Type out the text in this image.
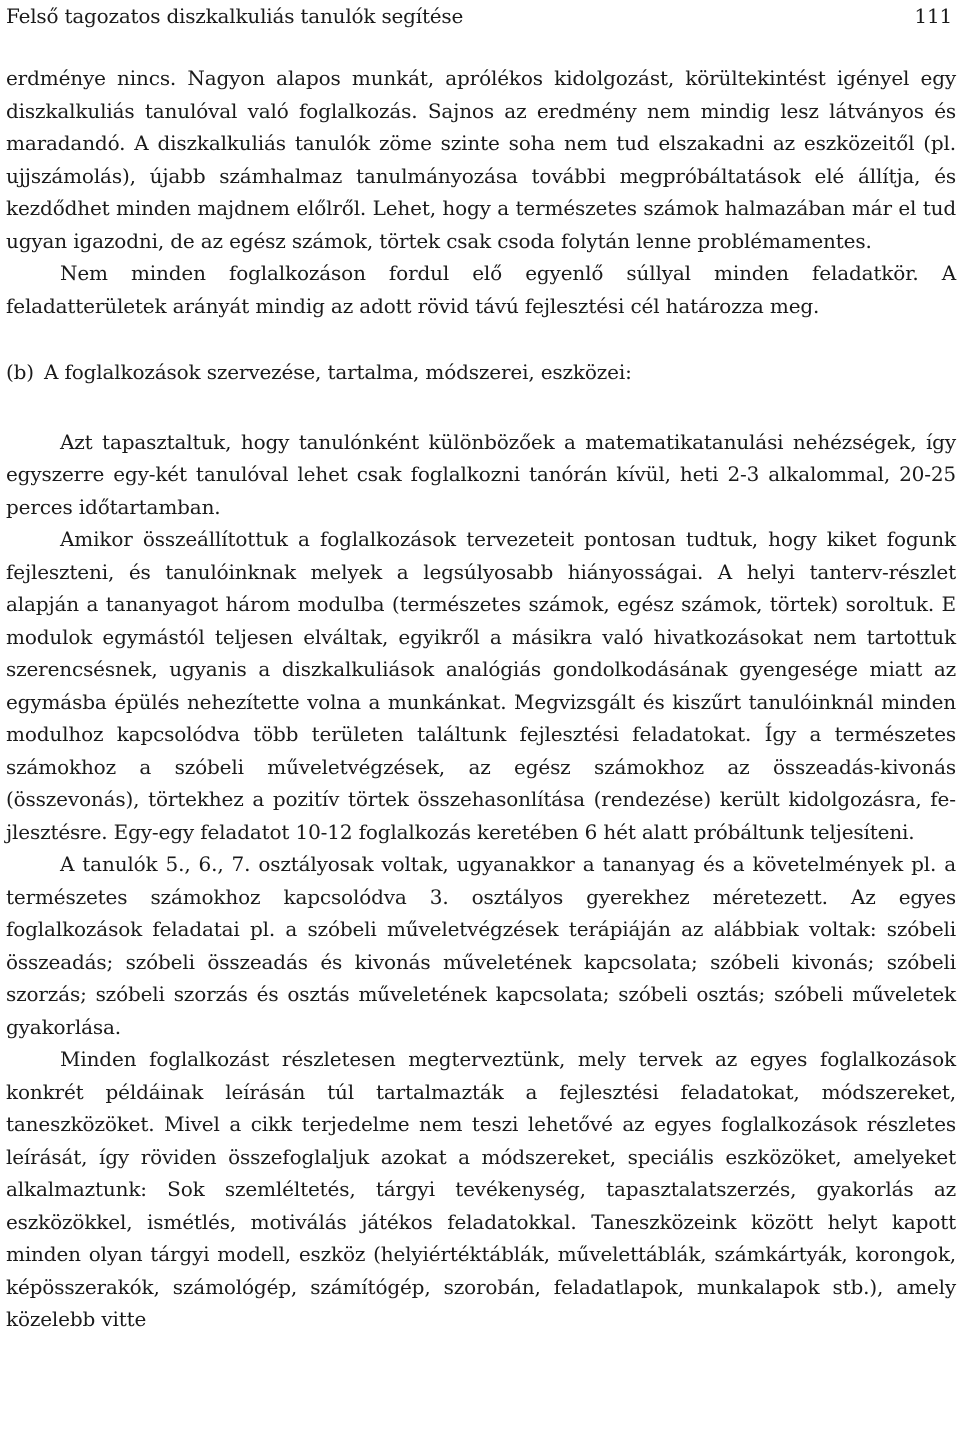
Felső tagozatos diszkalkuliás tanulók segítése	111

erdménye nincs. Nagyon alapos munkát, aprólékos kidolgozást, körültekintést igényel egy diszkalkuliás tanulóval való foglalkozás. Sajnos az eredmény nem mindig lesz látványos és maradandó. A diszkalkuliás tanulók zöme szinte soha nem tud elszakadni az eszközeitől (pl. ujjszámolás), újabb számhalmaz tanulmányozása további megpróbáltatások elé állítja, és kezdődhet minden majdnem előlről. Lehet, hogy a természetes számok halmazában már el tud ugyan igazodni, de az egész számok, törtek csak csoda folytán lenne problémamentes.

Nem minden foglalkozáson fordul elő egyenlő súllyal minden feladatkör. A feladatterületek arányát mindig az adott rövid távú fejlesztési cél határozza meg.

(b) A foglalkozások szervezése, tartalma, módszerei, eszközei:

Azt tapasztaltuk, hogy tanulónként különbözőek a matematikatanulási nehézségek, így egyszerre egy-két tanulóval lehet csak foglalkozni tanórán kívül, heti 2-3 alkalommal, 20-25 perces időtartamban.

Amikor összeállítottuk a foglalkozások tervezeteit pontosan tudtuk, hogy kiket fogunk fejleszteni, és tanulóinknak melyek a legsúlyosabb hiányosságai. A helyi tanterv-részlet alapján a tananyagot három modulba (természetes számok, egész számok, törtek) soroltuk. E modulok egymástól teljesen elváltak, egyikről a másikra való hivatkozásokat nem tartottuk szerencsésnek, ugyanis a diszkalkuliások analógiás gondolkodásának gyengesége miatt az egymásba épülés nehezítette volna a munkánkat. Megvizsgált és kiszűrt tanulóinknál minden modulhoz kapcsolódva több területen találtunk fejlesztési feladatokat. Így a természetes számokhoz a szóbeli műveletvégzések, az egész számokhoz az összeadás-kivonás (összevonás), törtekhez a pozitív törtek összehasonlítása (rendezése) került kidolgozásra, fejlesztésre. Egy-egy feladatot 10-12 foglalkozás keretében 6 hét alatt próbáltunk teljesíteni.

A tanulók 5., 6., 7. osztályosak voltak, ugyanakkor a tananyag és a követelmények pl. a természetes számokhoz kapcsolódva 3. osztályos gyerekhez méretezett. Az egyes foglalkozások feladatai pl. a szóbeli műveletvégzések terápiáján az alábbiak voltak: szóbeli összeadás; szóbeli összeadás és kivonás műveletének kapcsolata; szóbeli kivonás; szóbeli szorzás; szóbeli szorzás és osztás műveletének kapcsolata; szóbeli osztás; szóbeli műveletek gyakorlása.

Minden foglalkozást részletesen megterveztünk, mely tervek az egyes foglalkozások konkrét példáinak leírásán túl tartalmazták a fejlesztési feladatokat, módszereket, taneszközöket. Mivel a cikk terjedelme nem teszi lehetővé az egyes foglalkozások részletes leírását, így röviden összefoglaljuk azokat a módszereket, speciális eszközöket, amelyeket alkalmaztunk: Sok szemléltetés, tárgyi tevékenység, tapasztalatszerzés, gyakorlás az eszközökkel, ismétlés, motiválás játékos feladatokkal. Taneszközeink között helyt kapott minden olyan tárgyi modell, eszköz (helyiértéktáblák, művelettáblák, számkártyák, korongok, képösszerakók, számológép, számítógép, szorobán, feladatlapok, munkalapok stb.), amely közelebb vitte
